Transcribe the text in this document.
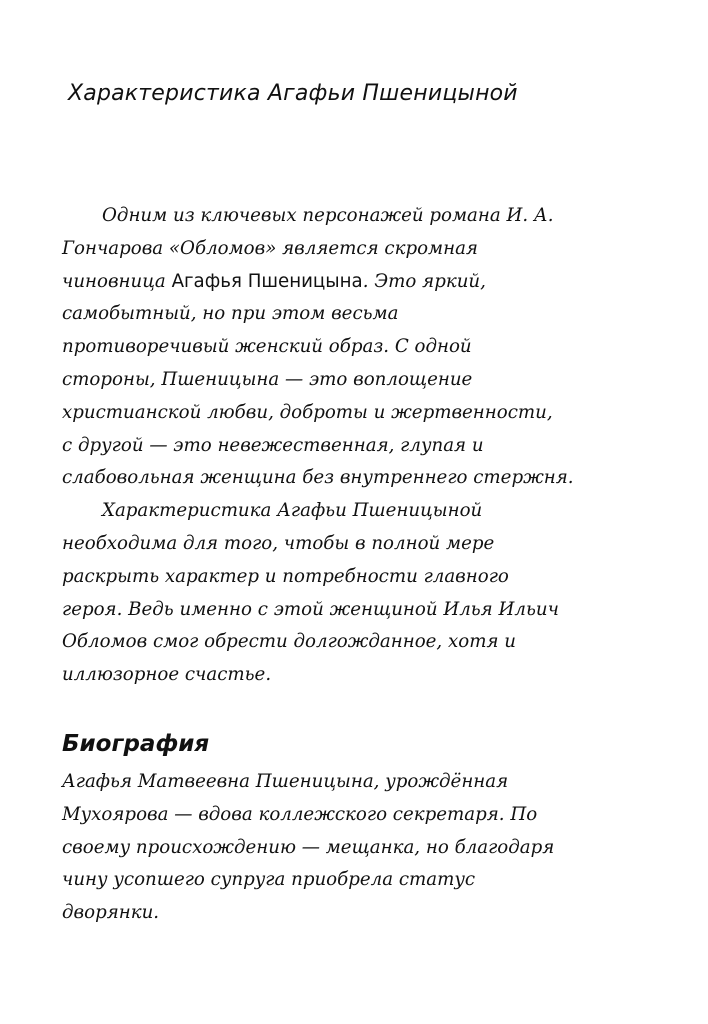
Характеристика Агафьи Пшеницыной

Одним из ключевых персонажей романа И. А.
Гончарова «Обломов» является скромная
чиновница Агафья Пшеницына. Это яркий,
самобытный, но при этом весьма
противоречивый женский образ. С одной
стороны, Пшеницына — это воплощение
христианской любви, доброты и жертвенности,
с другой — это невежественная, глупая и
слабовольная женщина без внутреннего стержня.

Характеристика Агафьи Пшеницыной
необходима для того, чтобы в полной мере
раскрыть характер и потребности главного
героя. Ведь именно с этой женщиной Илья Ильич
Обломов смог обрести долгожданное, хотя и
иллюзорное счастье.

Биография

Агафья Матвеевна Пшеницына, урождённая
Мухоярова — вдова коллежского секретаря. По
своему происхождению — мещанка, но благодаря
чину усопшего супруга приобрела статус
дворянки.
